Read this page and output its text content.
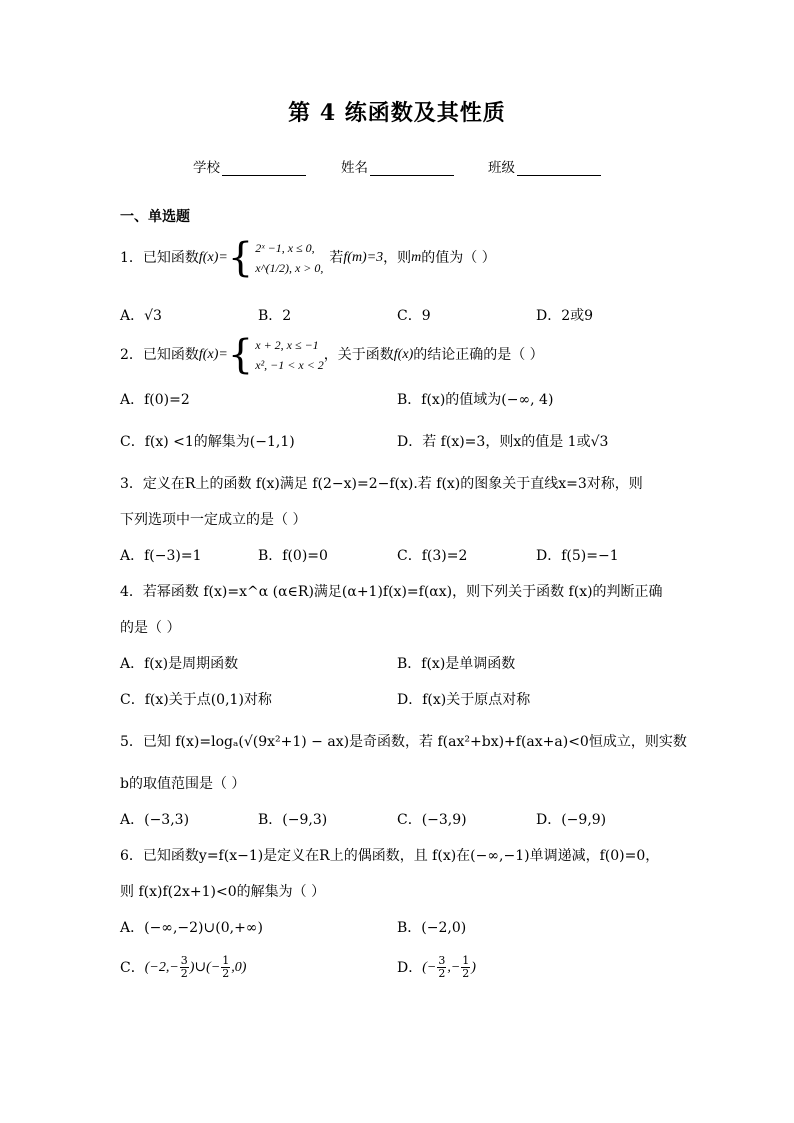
第 4 练函数及其性质
学校	姓名	班级
一、单选题
1．已知函数 f(x)= { 2ˣ −1, x ≤ 0,
x^(1/2), x > 0,
若 f(m)=3 ，则 m 的值为（ ）
A．√3	B．2	C．9	D．2或9
2．已知函数 f(x)= { x + 2, x ≤ −1
x², −1 < x < 2
，关于函数 f(x) 的结论正确的是（ ）
A．f(0)=2	B．f(x)的值域为(−∞, 4)
C．f(x) <1的解集为(−1,1)	D．若 f(x)=3，则x的值是 1或√3
3．定义在R上的函数 f(x)满足 f(2−x)=2−f(x).若 f(x)的图象关于直线x=3对称，则
下列选项中一定成立的是（ ）
A．f(−3)=1	B．f(0)=0	C．f(3)=2	D．f(5)=−1
4．若幂函数 f(x)=x^α (α∈R)满足(α+1)f(x)=f(αx)，则下列关于函数 f(x)的判断正确
的是（ ）
A．f(x)是周期函数	B．f(x)是单调函数
C．f(x)关于点(0,1)对称	D．f(x)关于原点对称
5．已知 f(x)=logₐ(√(9x²+1) − ax)是奇函数，若 f(ax²+bx)+f(ax+a)<0恒成立，则实数
b的取值范围是（ ）
A．(−3,3)	B．(−9,3)	C．(−3,9)	D．(−9,9)
6．已知函数y=f(x−1)是定义在R上的偶函数，且 f(x)在(−∞,−1)单调递减，f(0)=0，
则 f(x)f(2x+1)<0的解集为（ ）
A．(−∞,−2)∪(0,+∞)	B．(−2,0)
C． ($-2,- \frac{3}{2}$ )∪(− $\frac{1}{2} ,0$)	D． (− $\frac{3}{2}$ ,− $\frac{1}{2}$ )
